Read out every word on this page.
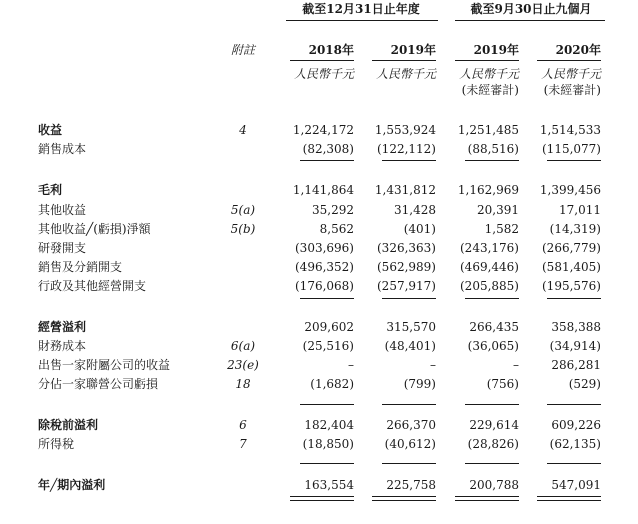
截至12月31日止年度	截至9月30日止九個月
附註	2018年	2019年	2019年	2020年
人民幣千元	人民幣千元	人民幣千元	人民幣千元
(未經審計)	(未經審計)
收益	4	1,224,172	1,553,924	1,251,485	1,514,533
銷售成本	(82,308)	(122,112)	(88,516)	(115,077)
毛利	1,141,864	1,431,812	1,162,969	1,399,456
其他收益	5(a)	35,292	31,428	20,391	17,011
其他收益╱(虧損)淨額	5(b)	8,562	(401)	1,582	(14,319)
研發開支	(303,696)	(326,363)	(243,176)	(266,779)
銷售及分銷開支	(496,352)	(562,989)	(469,446)	(581,405)
行政及其他經營開支	(176,068)	(257,917)	(205,885)	(195,576)
經營溢利	209,602	315,570	266,435	358,388
財務成本	6(a)	(25,516)	(48,401)	(36,065)	(34,914)
出售一家附屬公司的收益	23(e)	–	–	–	286,281
分佔一家聯營公司虧損	18	(1,682)	(799)	(756)	(529)
除稅前溢利	6	182,404	266,370	229,614	609,226
所得稅	7	(18,850)	(40,612)	(28,826)	(62,135)
年╱期內溢利	163,554	225,758	200,788	547,091
